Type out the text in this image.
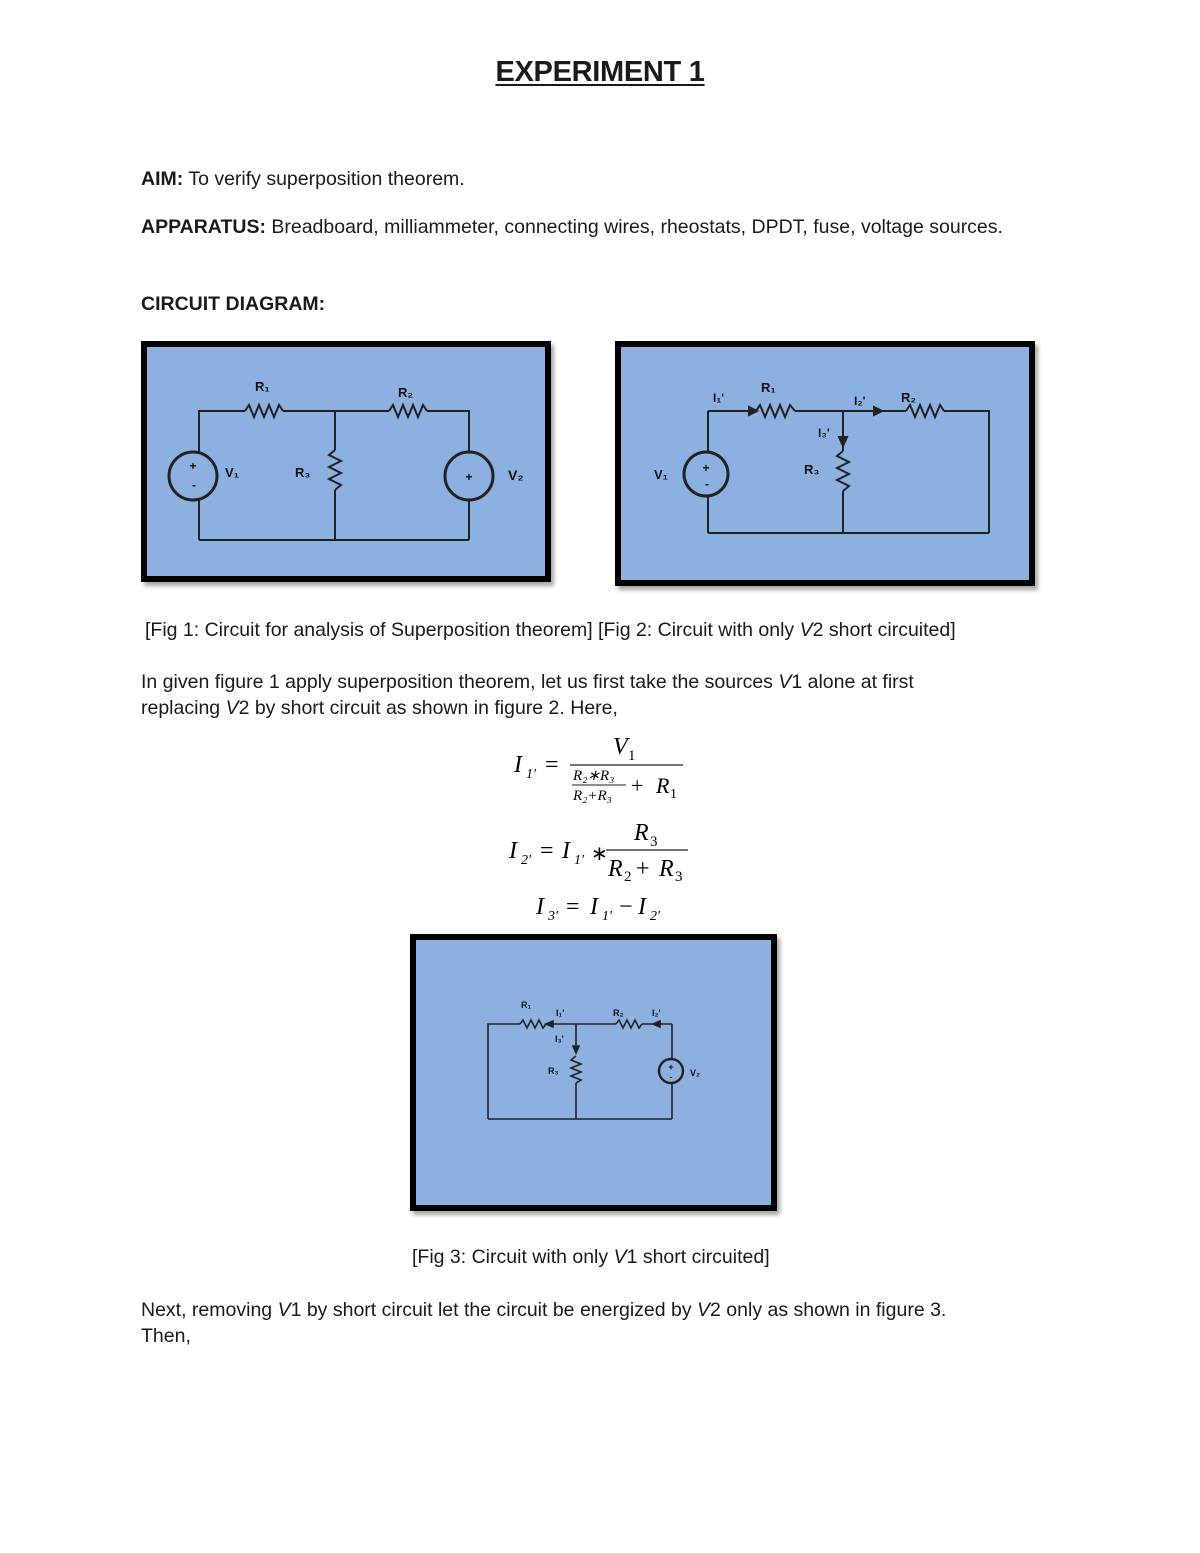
EXPERIMENT 1
AIM: To verify superposition theorem.
APPARATUS: Breadboard, milliammeter, connecting wires, rheostats, DPDT, fuse, voltage sources.
CIRCUIT DIAGRAM:
R₁	R₂
R₃
V₁	V₂
+
-
+
I₁'
R₁
I₂'	R₂
I₃'
R₃
V₁	+
-
[Fig 1: Circuit for analysis of Superposition theorem] [Fig 2: Circuit with only V2 short circuited]
In given figure 1 apply superposition theorem, let us first take the sources V1 alone at first
replacing V2 by short circuit as shown in figure 2. Here,
I 1′ =
V 1
R₂∗R₃
R₂+R₃ + R 1
I 2′ = I 1′ ∗
R 3
R 2 + R 3
I 3′ = I 1′ − I 2′
R₁
I₁'	R₂	I₂'
I₃'
R₃	V₂
+
-
[Fig 3: Circuit with only V1 short circuited]
Next, removing V1 by short circuit let the circuit be energized by V2 only as shown in figure 3.
Then,
